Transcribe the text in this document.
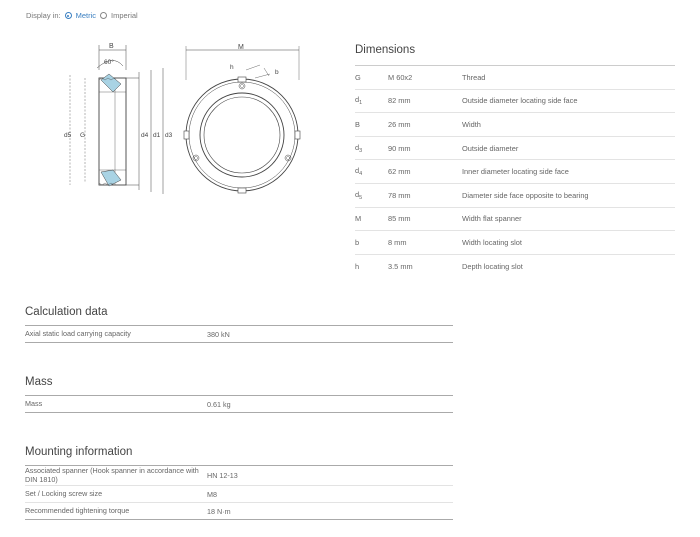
Display in: Metric Imperial
B
60°
d5 G	d4 d1 d3
M
h
b
Dimensions
G	M 60x2	Thread
$d_1$	82 mm	Outside diameter locating side face
B	26 mm	Width
$d_3$	90 mm	Outside diameter
$d_4$	62 mm	Inner diameter locating side face
$d_5$	78 mm	Diameter side face opposite to bearing
M	85 mm	Width flat spanner
b	8 mm	Width locating slot
h	3.5 mm	Depth locating slot
Calculation data
Axial static load carrying capacity	380 kN
Mass
Mass	0.61 kg
Mounting information
Associated spanner (Hook spanner in accordance with DIN 1810)	HN 12-13
Set / Locking screw size	M8
Recommended tightening torque	18 N·m
